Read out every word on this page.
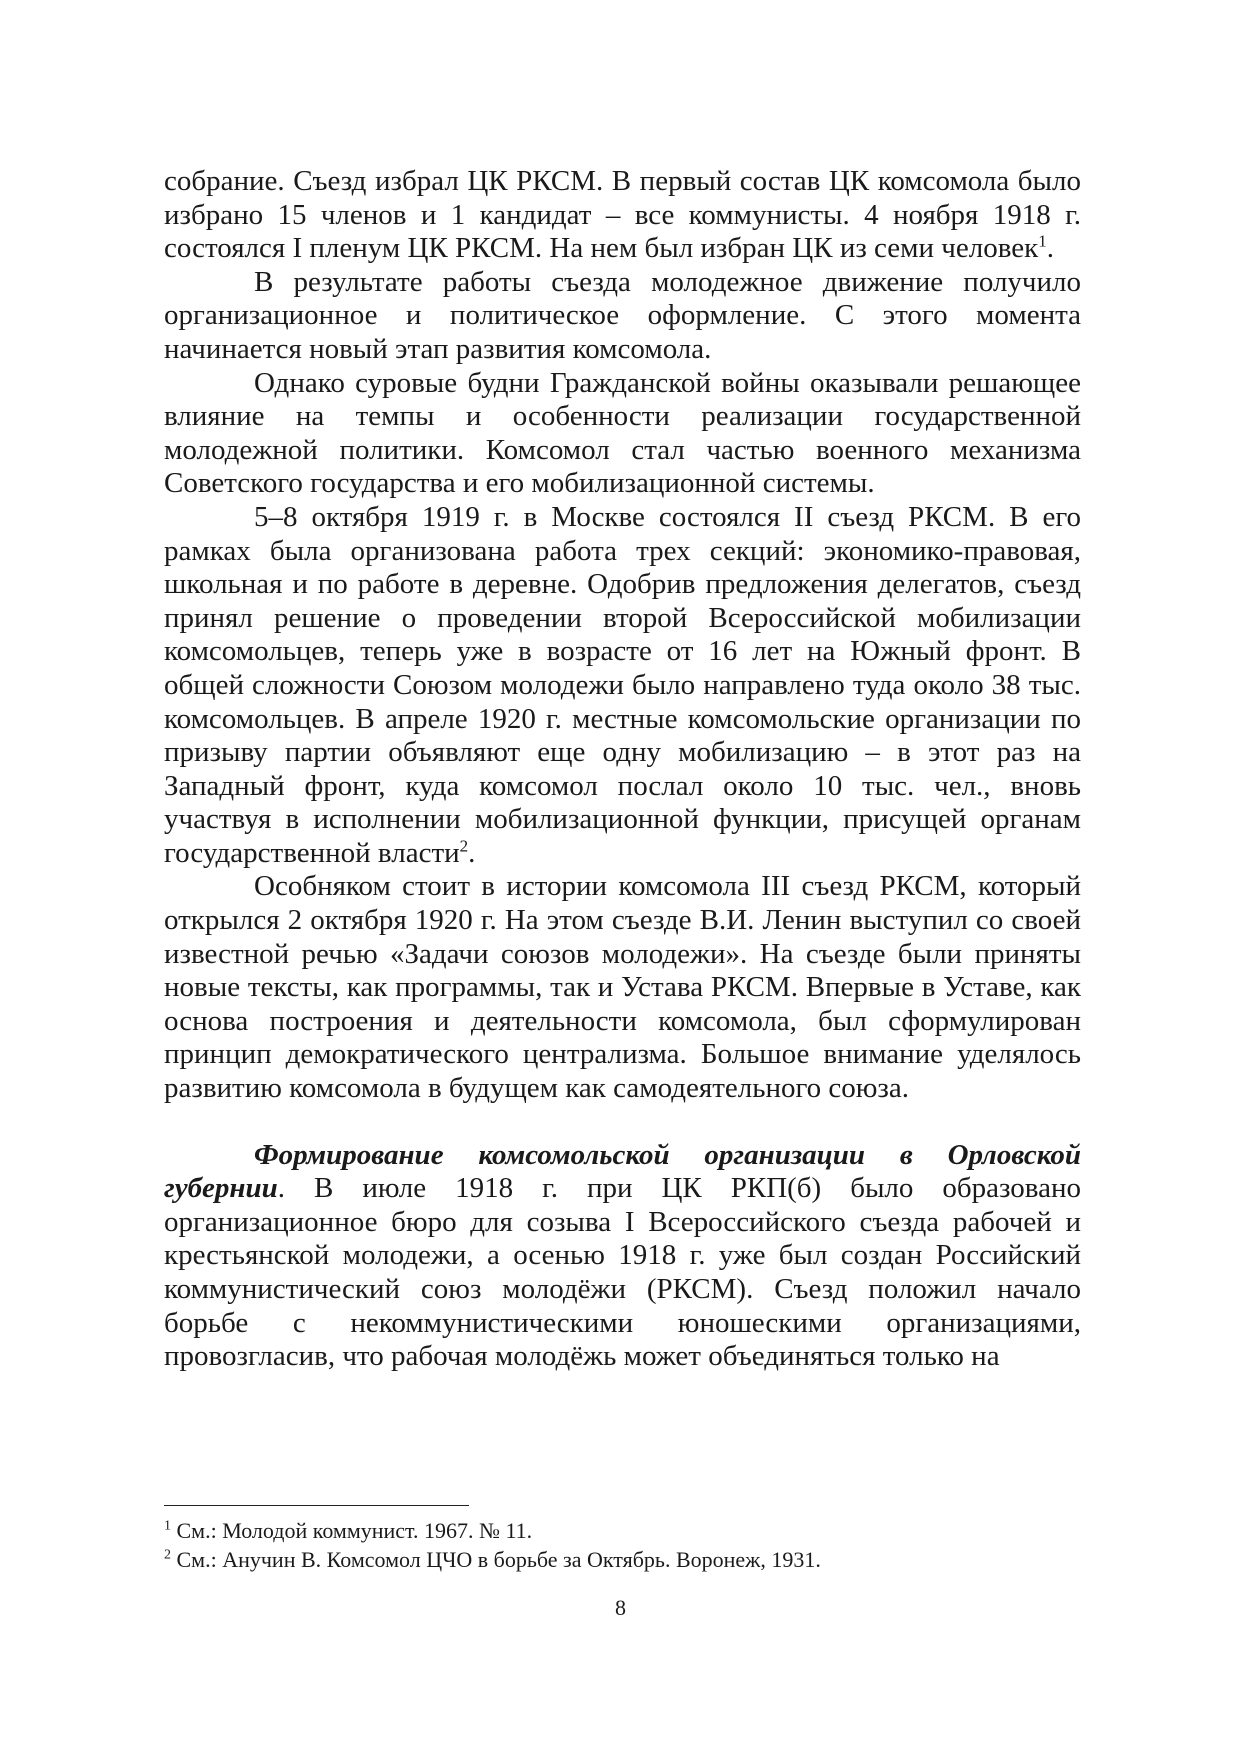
собрание. Съезд избрал ЦК РКСМ. В первый состав ЦК комсомола было избрано 15 членов и 1 кандидат – все коммунисты. 4 ноября 1918 г. состоялся I пленум ЦК РКСМ. На нем был избран ЦК из семи человек$^1$.

В результате работы съезда молодежное движение получило организационное и политическое оформление. С этого момента начинается новый этап развития комсомола.

Однако суровые будни Гражданской войны оказывали решающее влияние на темпы и особенности реализации государственной молодежной политики. Комсомол стал частью военного механизма Советского государства и его мобилизационной системы.

5–8 октября 1919 г. в Москве состоялся II съезд РКСМ. В его рамках была организована работа трех секций: экономико-правовая, школьная и по работе в деревне. Одобрив предложения делегатов, съезд принял решение о проведении второй Всероссийской мобилизации комсомольцев, теперь уже в возрасте от 16 лет на Южный фронт. В общей сложности Союзом молодежи было направлено туда около 38 тыс. комсомольцев. В апреле 1920 г. местные комсомольские организации по призыву партии объявляют еще одну мобилизацию – в этот раз на Западный фронт, куда комсомол послал около 10 тыс. чел., вновь участвуя в исполнении мобилизационной функции, присущей органам государственной власти$^2$.

Особняком стоит в истории комсомола III съезд РКСМ, который открылся 2 октября 1920 г. На этом съезде В.И. Ленин выступил со своей известной речью «Задачи союзов молодежи». На съезде были приняты новые тексты, как программы, так и Устава РКСМ. Впервые в Уставе, как основа построения и деятельности комсомола, был сформулирован принцип демократического централизма. Большое внимание уделялось развитию комсомола в будущем как самодеятельного союза.

Формирование комсомольской организации в Орловской губернии. В июле 1918 г. при ЦК РКП(б) было образовано организационное бюро для созыва I Всероссийского съезда рабочей и крестьянской молодежи, а осенью 1918 г. уже был создан Российский коммунистический союз молодёжи (РКСМ). Съезд положил начало борьбе с некоммунистическими юношескими организациями, провозгласив, что рабочая молодёжь может объединяться только на

$^1$ См.: Молодой коммунист. 1967. № 11.

$^2$ См.: Анучин В. Комсомол ЦЧО в борьбе за Октябрь. Воронеж, 1931.

8
